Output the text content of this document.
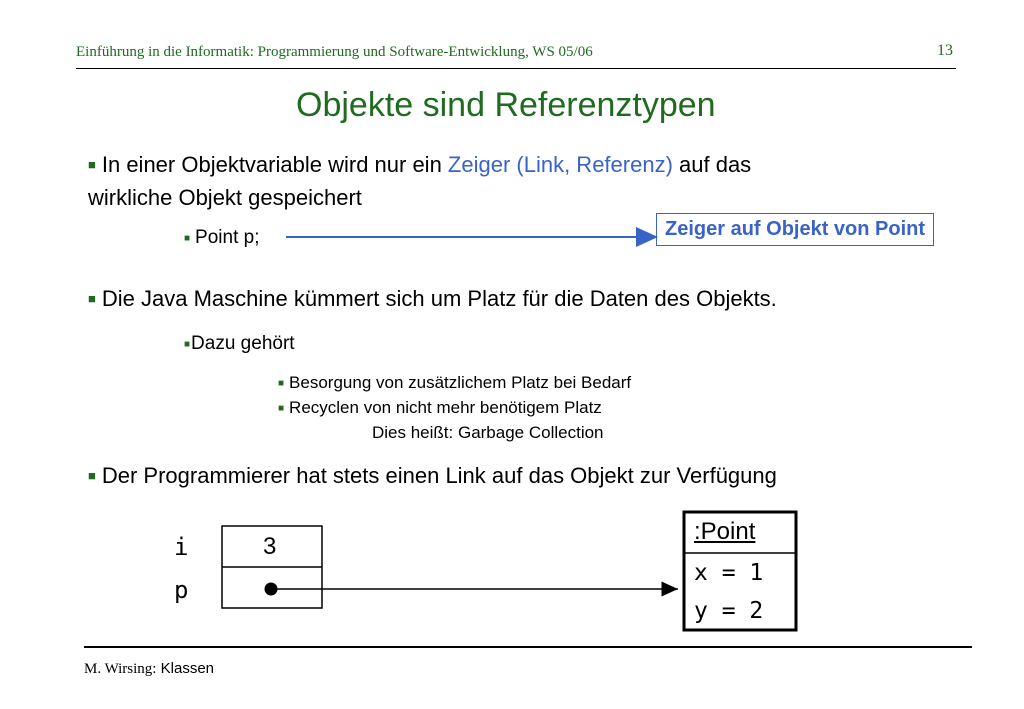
Einführung in die Informatik: Programmierung und Software-Entwicklung, WS 05/06	13
Objekte sind Referenztypen
■ In einer Objektvariable wird nur ein Zeiger (Link, Referenz) auf das
wirkliche Objekt gespeichert
■ Point p;	Zeiger auf Objekt von Point
■ Die Java Maschine kümmert sich um Platz für die Daten des Objekts.
■Dazu gehört
■ Besorgung von zusätzlichem Platz bei Bedarf
■ Recyclen von nicht mehr benötigem Platz
Dies heißt: Garbage Collection
■ Der Programmierer hat stets einen Link auf das Objekt zur Verfügung
i
p
3
:Point
x = 1
y = 2
M. Wirsing: Klassen
